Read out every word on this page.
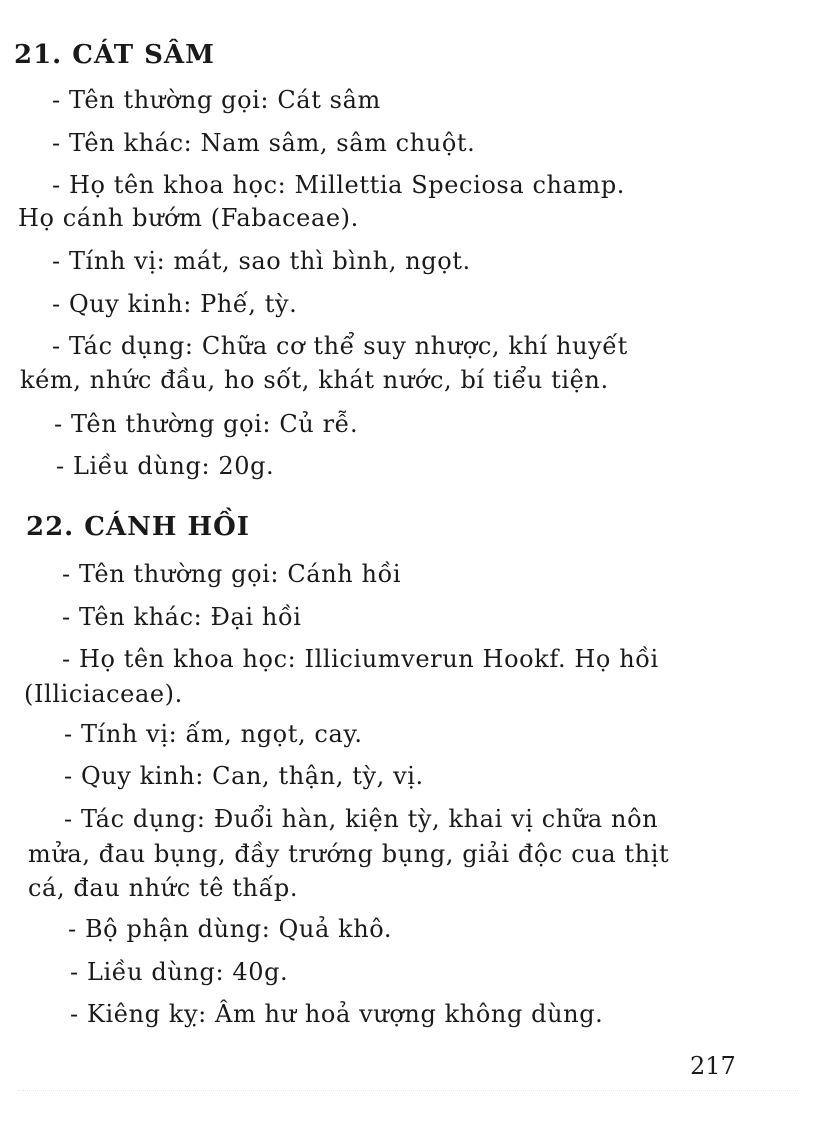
21. CÁT SÂM

- Tên thường gọi: Cát sâm

- Tên khác: Nam sâm, sâm chuột.

- Họ tên khoa học: Millettia Speciosa champ.

Họ cánh bướm (Fabaceae).

- Tính vị: mát, sao thì bình, ngọt.

- Quy kinh: Phế, tỳ.

- Tác dụng: Chữa cơ thể suy nhược, khí huyết

kém, nhức đầu, ho sốt, khát nước, bí tiểu tiện.

- Tên thường gọi: Củ rễ.

- Liều dùng: 20g.

22. CÁNH HỒI

- Tên thường gọi: Cánh hồi

- Tên khác: Đại hồi

- Họ tên khoa học: Illiciumverun Hookf. Họ hồi

(Illiciaceae).

- Tính vị: ấm, ngọt, cay.

- Quy kinh: Can, thận, tỳ, vị.

- Tác dụng: Đuổi hàn, kiện tỳ, khai vị chữa nôn

mửa, đau bụng, đầy trướng bụng, giải độc cua thịt

cá, đau nhức tê thấp.

- Bộ phận dùng: Quả khô.

- Liều dùng: 40g.

- Kiêng kỵ: Âm hư hoả vượng không dùng.

217
